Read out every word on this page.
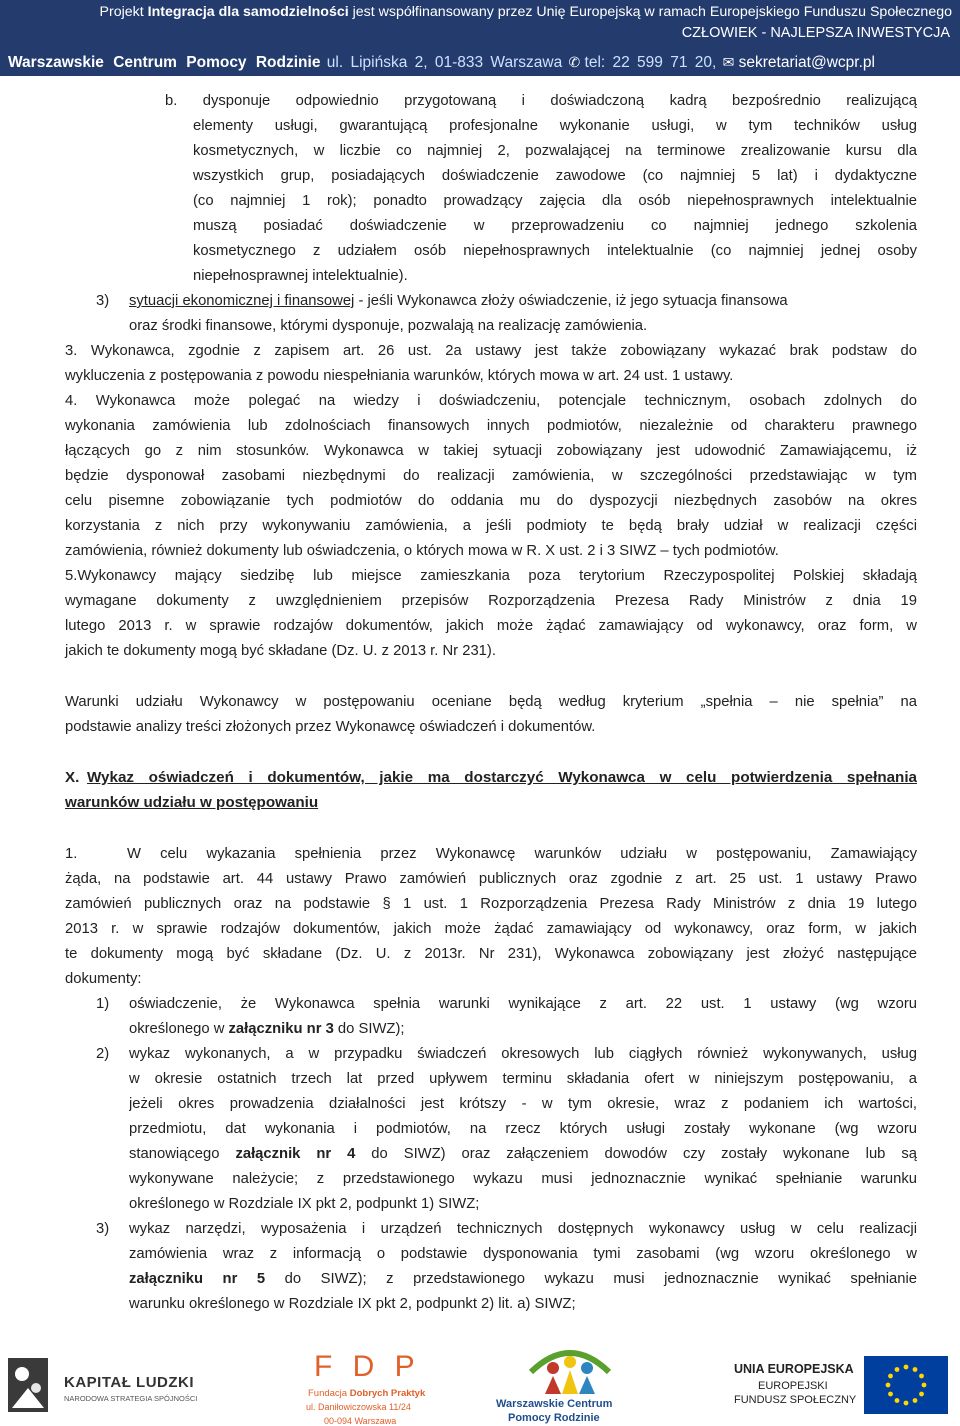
Projekt Integracja dla samodzielności jest współfinansowany przez Unię Europejską w ramach Europejskiego Funduszu Społecznego
CZŁOWIEK - NAJLEPSZA INWESTYCJA
Warszawskie Centrum Pomocy Rodzinie ul. Lipińska 2, 01-833 Warszawa ✆ tel: 22 599 71 20, ✉ sekretariat@wcpr.pl
b. dysponuje odpowiednio przygotowaną i doświadczoną kadrą bezpośrednio realizującą
elementy usługi, gwarantującą profesjonalne wykonanie usługi, w tym techników usług
kosmetycznych, w liczbie co najmniej 2, pozwalającej na terminowe zrealizowanie kursu dla
wszystkich grup, posiadających doświadczenie zawodowe (co najmniej 5 lat) i dydaktyczne
(co najmniej 1 rok); ponadto prowadzący zajęcia dla osób niepełnosprawnych intelektualnie
muszą posiadać doświadczenie w przeprowadzeniu co najmniej jednego szkolenia
kosmetycznego z udziałem osób niepełnosprawnych intelektualnie (co najmniej jednej osoby
niepełnosprawnej intelektualnie).
3) sytuacji ekonomicznej i finansowej - jeśli Wykonawca złoży oświadczenie, iż jego sytuacja finansowa
oraz środki finansowe, którymi dysponuje, pozwalają na realizację zamówienia.
3. Wykonawca, zgodnie z zapisem art. 26 ust. 2a ustawy jest także zobowiązany wykazać brak podstaw do
wykluczenia z postępowania z powodu niespełniania warunków, których mowa w art. 24 ust. 1 ustawy.
4. Wykonawca może polegać na wiedzy i doświadczeniu, potencjale technicznym, osobach zdolnych do
wykonania zamówienia lub zdolnościach finansowych innych podmiotów, niezależnie od charakteru prawnego
łączących go z nim stosunków. Wykonawca w takiej sytuacji zobowiązany jest udowodnić Zamawiającemu, iż
będzie dysponował zasobami niezbędnymi do realizacji zamówienia, w szczególności przedstawiając w tym
celu pisemne zobowiązanie tych podmiotów do oddania mu do dyspozycji niezbędnych zasobów na okres
korzystania z nich przy wykonywaniu zamówienia, a jeśli podmioty te będą brały udział w realizacji części
zamówienia, również dokumenty lub oświadczenia, o których mowa w R. X ust. 2 i 3 SIWZ – tych podmiotów.
5.Wykonawcy mający siedzibę lub miejsce zamieszkania poza terytorium Rzeczypospolitej Polskiej składają
wymagane dokumenty z uwzględnieniem przepisów Rozporządzenia Prezesa Rady Ministrów z dnia 19
lutego 2013 r. w sprawie rodzajów dokumentów, jakich może żądać zamawiający od wykonawcy, oraz form, w
jakich te dokumenty mogą być składane (Dz. U. z 2013 r. Nr 231).
Warunki udziału Wykonawcy w postępowaniu oceniane będą według kryterium „spełnia – nie spełnia” na
podstawie analizy treści złożonych przez Wykonawcę oświadczeń i dokumentów.
X. Wykaz oświadczeń i dokumentów, jakie ma dostarczyć Wykonawca w celu potwierdzenia spełnania
warunków udziału w postępowaniu
1.	W celu wykazania spełnienia przez Wykonawcę warunków udziału w postępowaniu, Zamawiający
żąda, na podstawie art. 44 ustawy Prawo zamówień publicznych oraz zgodnie z art. 25 ust. 1 ustawy Prawo
zamówień publicznych oraz na podstawie § 1 ust. 1 Rozporządzenia Prezesa Rady Ministrów z dnia 19 lutego
2013 r. w sprawie rodzajów dokumentów, jakich może żądać zamawiający od wykonawcy, oraz form, w jakich
te dokumenty mogą być składane (Dz. U. z 2013r. Nr 231), Wykonawca zobowiązany jest złożyć następujące
dokumenty:
1) oświadczenie, że Wykonawca spełnia warunki wynikające z art. 22 ust. 1 ustawy (wg wzoru
określonego w załączniku nr 3 do SIWZ);
2) wykaz wykonanych, a w przypadku świadczeń okresowych lub ciągłych również wykonywanych, usług
w okresie ostatnich trzech lat przed upływem terminu składania ofert w niniejszym postępowaniu, a
jeżeli okres prowadzenia działalności jest krótszy - w tym okresie, wraz z podaniem ich wartości,
przedmiotu, dat wykonania i podmiotów, na rzecz których usługi zostały wykonane (wg wzoru
stanowiącego załącznik nr 4 do SIWZ) oraz załączeniem dowodów czy zostały wykonane lub są
wykonywane należycie; z przedstawionego wykazu musi jednoznacznie wynikać spełnianie warunku
określonego w Rozdziale IX pkt 2, podpunkt 1) SIWZ;
3) wykaz narzędzi, wyposażenia i urządzeń technicznych dostępnych wykonawcy usług w celu realizacji
zamówienia wraz z informacją o podstawie dysponowania tymi zasobami (wg wzoru określonego w
załączniku nr 5 do SIWZ); z przedstawionego wykazu musi jednoznacznie wynikać spełnianie
warunku określonego w Rozdziale IX pkt 2, podpunkt 2) lit. a) SIWZ;
KAPITAŁ LUDZKI
NARODOWA STRATEGIA SPÓJNOŚCI
F D P
Fundacja Dobrych Praktyk
ul. Daniłowiczowska 11/24
00-094 Warszawa
Warszawskie Centrum
Pomocy Rodzinie
UNIA EUROPEJSKA
EUROPEJSKI
FUNDUSZ SPOŁECZNY
